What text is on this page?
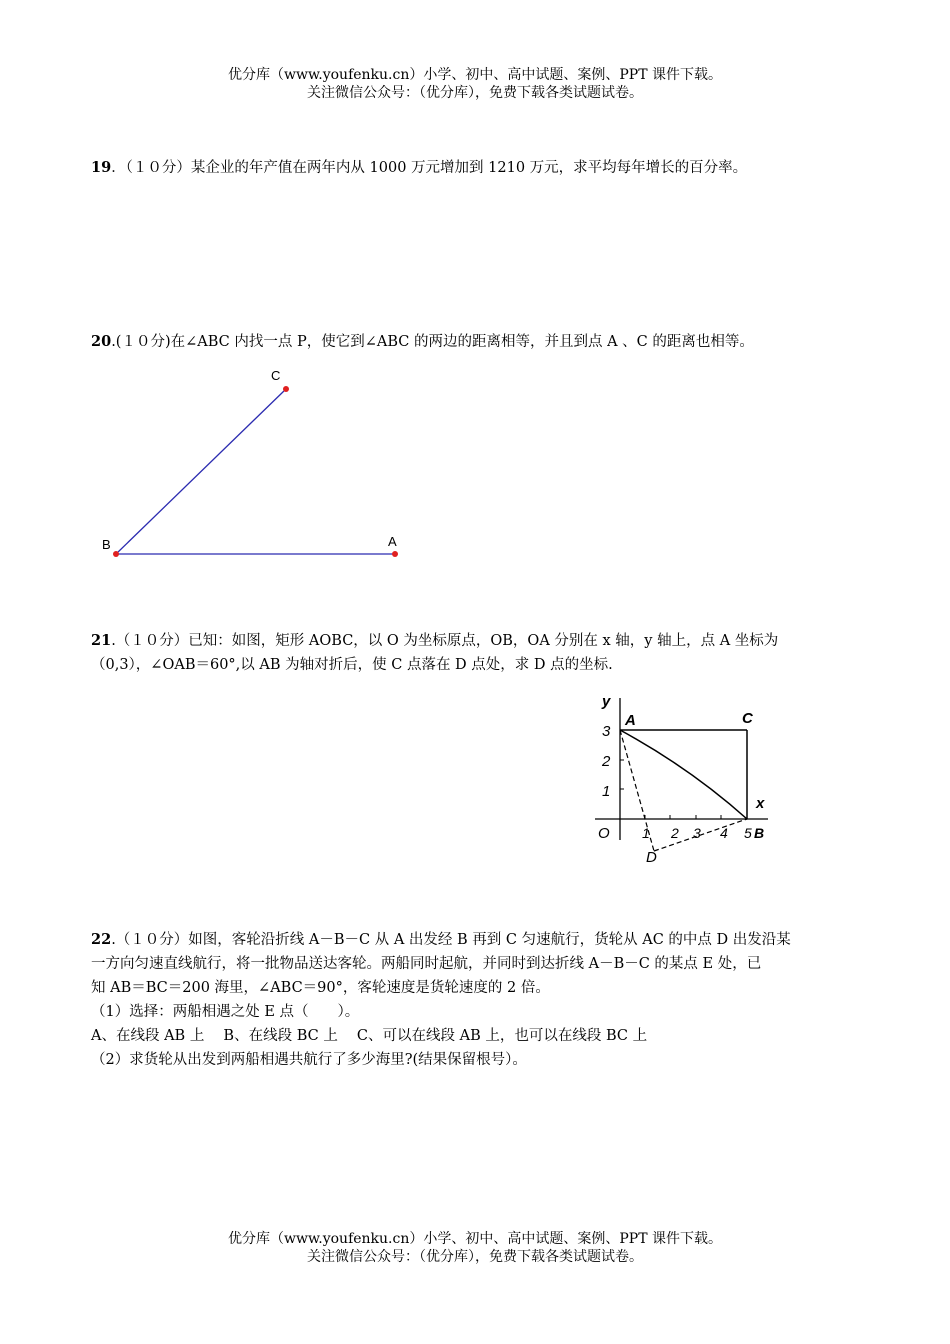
优分库（www.youfenku.cn）小学、初中、高中试题、案例、PPT 课件下载。
关注微信公众号：（优分库），免费下载各类试题试卷。
19．（１０分）某企业的年产值在两年内从 1000 万元增加到 1210 万元，求平均每年增长的百分率。
20.(１０分)在∠ABC 内找一点 P，使它到∠ABC 的两边的距离相等，并且到点 A 、C 的距离也相等。
C
B	A
21.（１０分）已知：如图，矩形 AOBC，以 O 为坐标原点，OB，OA 分别在 x 轴，y 轴上，点 A 坐标为
（0,3），∠OAB＝60°,以 AB 为轴对折后，使 C 点落在 D 点处，求 D 点的坐标.
y
x
O
A	C
B
D
3
2
1
1 2 3 4 5
22.（１０分）如图，客轮沿折线 A－B－C 从 A 出发经 B 再到 C 匀速航行，货轮从 AC 的中点 D 出发沿某
一方向匀速直线航行，将一批物品送达客轮。两船同时起航，并同时到达折线 A－B－C 的某点 E 处，已
知 AB＝BC＝200 海里，∠ABC＝90°，客轮速度是货轮速度的 2 倍。
（1）选择：两船相遇之处 E 点（　　）。
A、在线段 AB 上　 B、在线段 BC 上　 C、可以在线段 AB 上，也可以在线段 BC 上
（2）求货轮从出发到两船相遇共航行了多少海里?(结果保留根号）。
优分库（www.youfenku.cn）小学、初中、高中试题、案例、PPT 课件下载。
关注微信公众号：（优分库），免费下载各类试题试卷。
